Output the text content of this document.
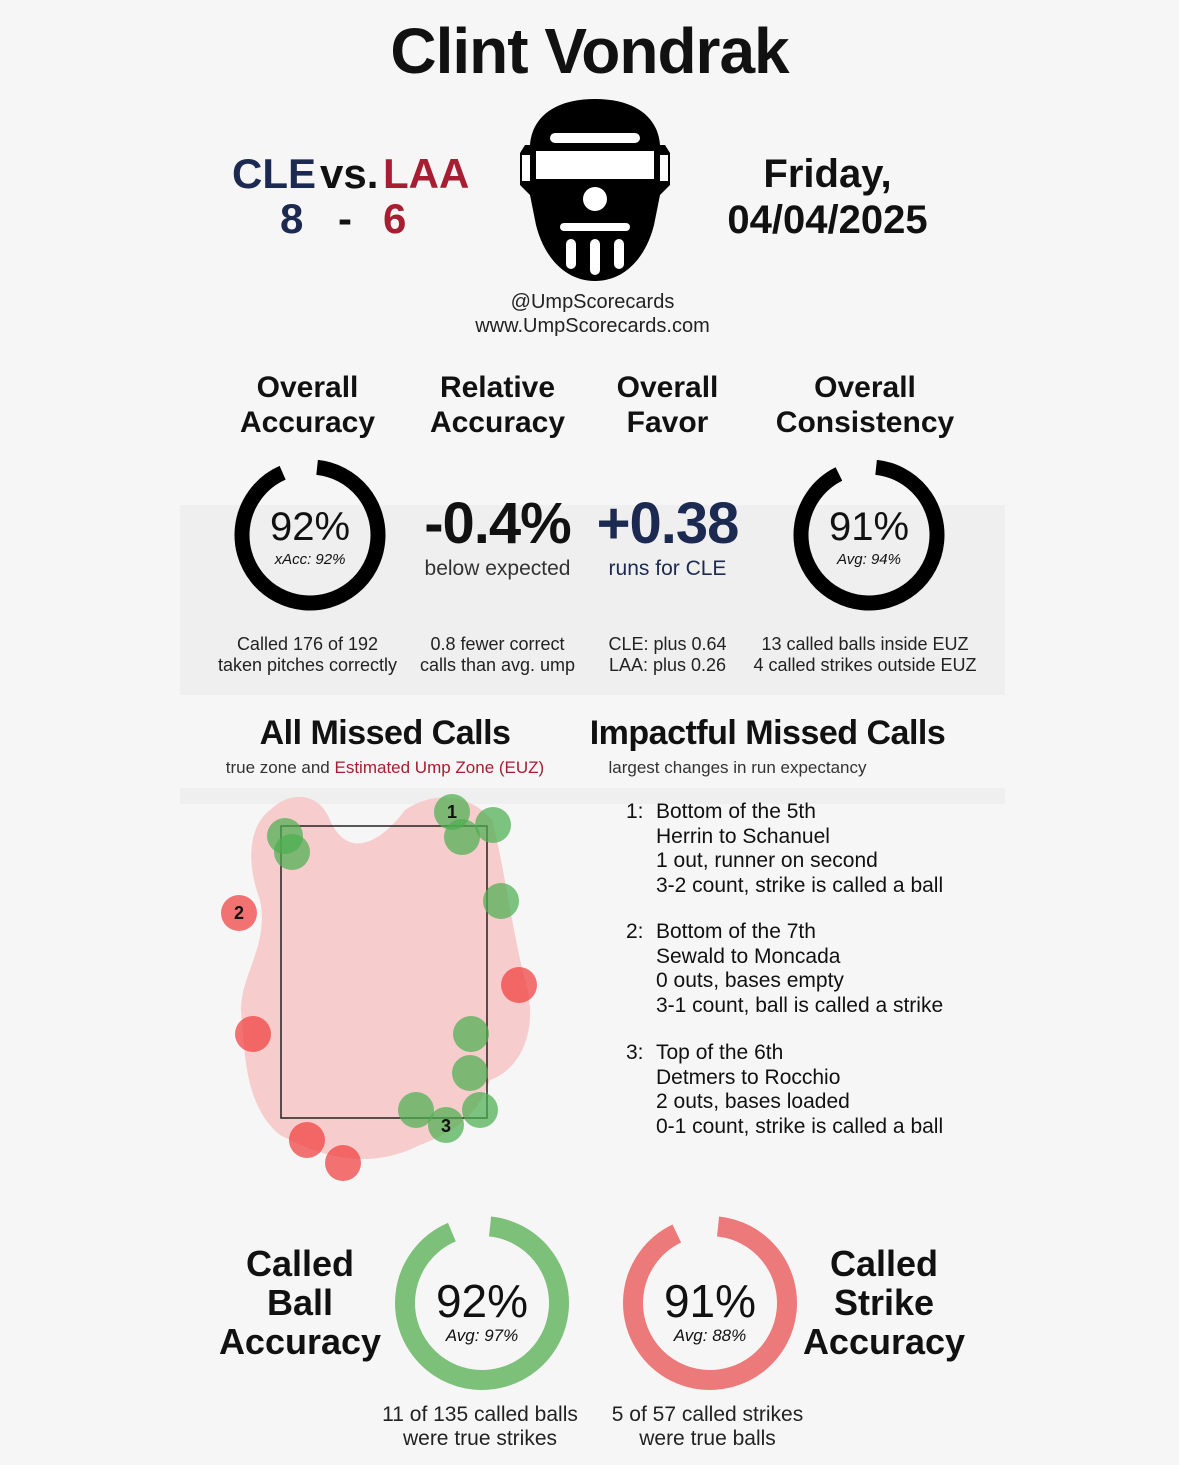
Clint Vondrak
CLE vs. LAA
8 - 6
Friday,
04/04/2025
@UmpScorecards
www.UmpScorecards.com
Overall
Accuracy
Relative
Accuracy
Overall
Favor
Overall
Consistency
92%
xAcc: 92%
-0.4%
below expected
+0.38
runs for CLE
91%
Avg: 94%
Called 176 of 192
taken pitches correctly
0.8 fewer correct
calls than avg. ump
CLE: plus 0.64
LAA: plus 0.26
13 called balls inside EUZ
4 called strikes outside EUZ
All Missed Calls
true zone and Estimated Ump Zone (EUZ)
Impactful Missed Calls
largest changes in run expectancy
1
2
3
1: Bottom of the 5th
Herrin to Schanuel
1 out, runner on second
3-2 count, strike is called a ball
2: Bottom of the 7th
Sewald to Moncada
0 outs, bases empty
3-1 count, ball is called a strike
3: Top of the 6th
Detmers to Rocchio
2 outs, bases loaded
0-1 count, strike is called a ball
Called
Ball
Accuracy
92%
Avg: 97%
11 of 135 called balls
were true strikes
91%
Avg: 88%
Called
Strike
Accuracy
5 of 57 called strikes
were true balls
